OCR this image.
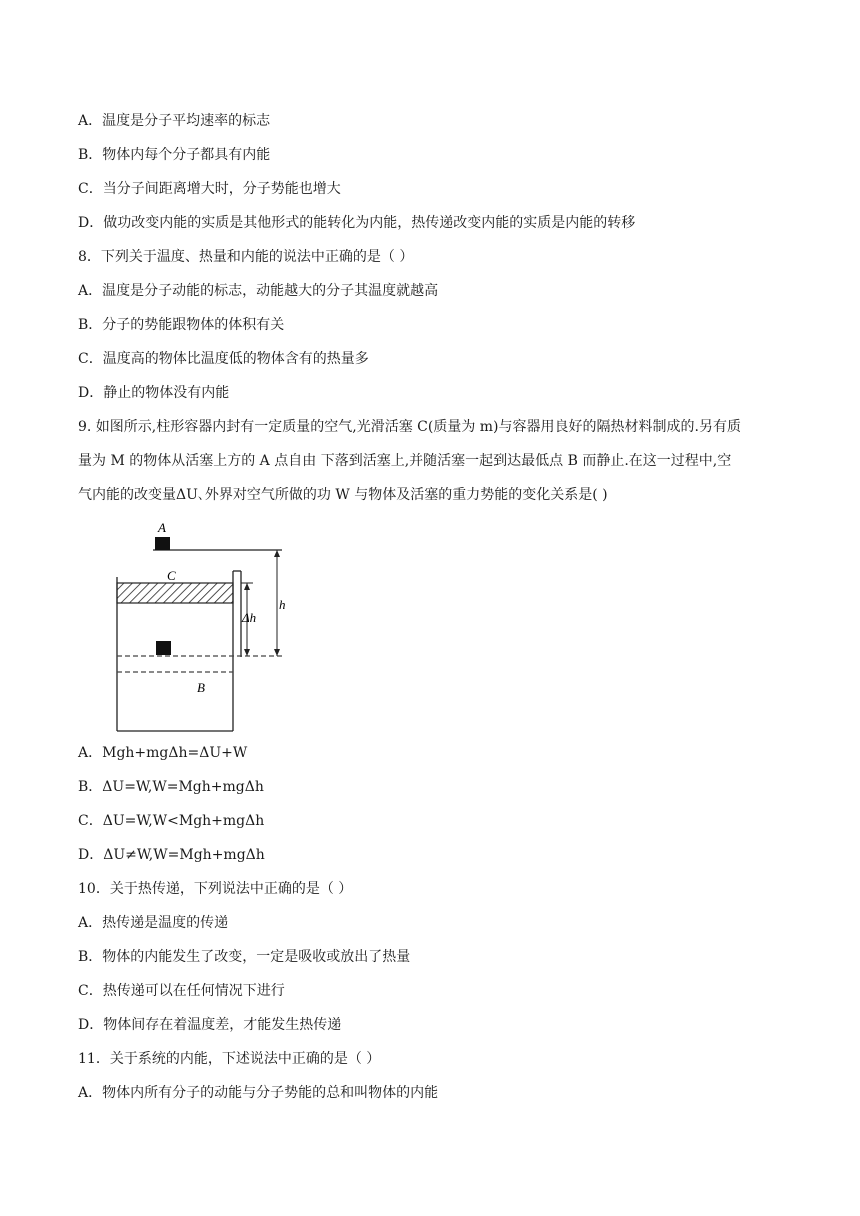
A．温度是分子平均速率的标志
B．物体内每个分子都具有内能
C．当分子间距离增大时，分子势能也增大
D．做功改变内能的实质是其他形式的能转化为内能，热传递改变内能的实质是内能的转移
8．下列关于温度、热量和内能的说法中正确的是（ ）
A．温度是分子动能的标志，动能越大的分子其温度就越高
B．分子的势能跟物体的体积有关
C．温度高的物体比温度低的物体含有的热量多
D．静止的物体没有内能
9. 如图所示,柱形容器内封有一定质量的空气,光滑活塞 C(质量为 m)与容器用良好的隔热材料制成的.另有质
量为 M 的物体从活塞上方的 A 点自由 下落到活塞上,并随活塞一起到达最低点 B 而静止.在这一过程中,空
气内能的改变量ΔU､外界对空气所做的功 W 与物体及活塞的重力势能的变化关系是( )
A
C
B
Δh
h
A．Mgh+mgΔh=ΔU+W
B．ΔU=W,W=Mgh+mgΔh
C．ΔU=W,W<Mgh+mgΔh
D．ΔU≠W,W=Mgh+mgΔh
10．关于热传递，下列说法中正确的是（ ）
A．热传递是温度的传递
B．物体的内能发生了改变，一定是吸收或放出了热量
C．热传递可以在任何情况下进行
D．物体间存在着温度差，才能发生热传递
11．关于系统的内能，下述说法中正确的是（ ）
A．物体内所有分子的动能与分子势能的总和叫物体的内能
